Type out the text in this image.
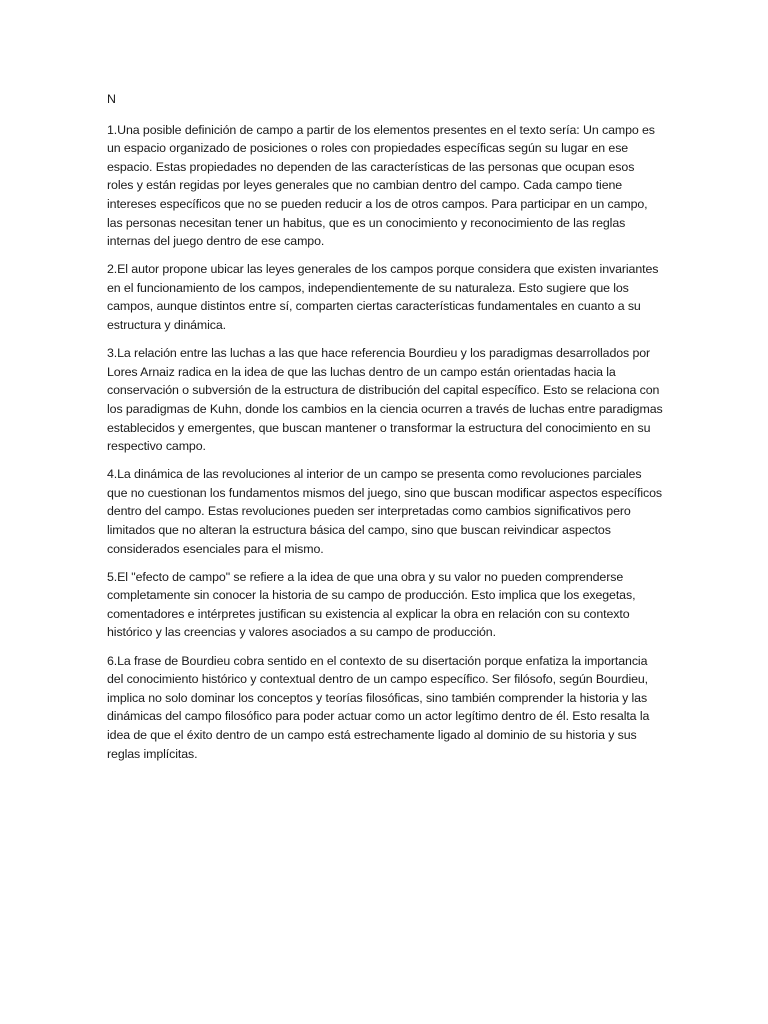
N

1.Una posible definición de campo a partir de los elementos presentes en el texto sería: Un campo es un espacio organizado de posiciones o roles con propiedades específicas según su lugar en ese espacio. Estas propiedades no dependen de las características de las personas que ocupan esos roles y están regidas por leyes generales que no cambian dentro del campo. Cada campo tiene intereses específicos que no se pueden reducir a los de otros campos. Para participar en un campo, las personas necesitan tener un habitus, que es un conocimiento y reconocimiento de las reglas internas del juego dentro de ese campo.

2.El autor propone ubicar las leyes generales de los campos porque considera que existen invariantes en el funcionamiento de los campos, independientemente de su naturaleza. Esto sugiere que los campos, aunque distintos entre sí, comparten ciertas características fundamentales en cuanto a su estructura y dinámica.

3.La relación entre las luchas a las que hace referencia Bourdieu y los paradigmas desarrollados por Lores Arnaiz radica en la idea de que las luchas dentro de un campo están orientadas hacia la conservación o subversión de la estructura de distribución del capital específico. Esto se relaciona con los paradigmas de Kuhn, donde los cambios en la ciencia ocurren a través de luchas entre paradigmas establecidos y emergentes, que buscan mantener o transformar la estructura del conocimiento en su respectivo campo.

4.La dinámica de las revoluciones al interior de un campo se presenta como revoluciones parciales que no cuestionan los fundamentos mismos del juego, sino que buscan modificar aspectos específicos dentro del campo. Estas revoluciones pueden ser interpretadas como cambios significativos pero limitados que no alteran la estructura básica del campo, sino que buscan reivindicar aspectos considerados esenciales para el mismo.

5.El "efecto de campo" se refiere a la idea de que una obra y su valor no pueden comprenderse completamente sin conocer la historia de su campo de producción. Esto implica que los exegetas, comentadores e intérpretes justifican su existencia al explicar la obra en relación con su contexto histórico y las creencias y valores asociados a su campo de producción.

6.La frase de Bourdieu cobra sentido en el contexto de su disertación porque enfatiza la importancia del conocimiento histórico y contextual dentro de un campo específico. Ser filósofo, según Bourdieu, implica no solo dominar los conceptos y teorías filosóficas, sino también comprender la historia y las dinámicas del campo filosófico para poder actuar como un actor legítimo dentro de él. Esto resalta la idea de que el éxito dentro de un campo está estrechamente ligado al dominio de su historia y sus reglas implícitas.
